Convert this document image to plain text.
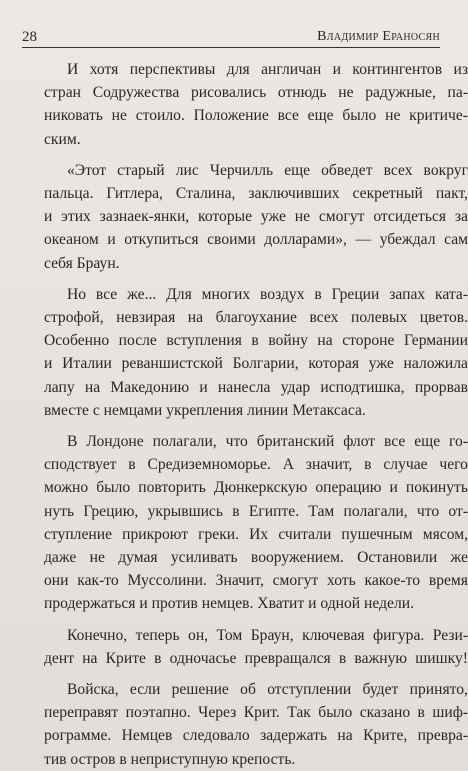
28	Владимир Ераносян

И хотя перспективы для англичан и контингентов из
стран Содружества рисовались отнюдь не радужные, па-
никовать не стоило. Положение все еще было не критиче-
ским.

«Этот старый лис Черчилль еще обведет всех вокруг
пальца. Гитлера, Сталина, заключивших секретный пакт,
и этих зазнаек-янки, которые уже не смогут отсидеться за
океаном и откупиться своими долларами», — убеждал сам
себя Браун.

Но все же... Для многих воздух в Греции запах ката-
строфой, невзирая на благоухание всех полевых цветов.
Особенно после вступления в войну на стороне Германии
и Италии реваншистской Болгарии, которая уже наложила
лапу на Македонию и нанесла удар исподтишка, прорвав
вместе с немцами укрепления линии Метаксаса.

В Лондоне полагали, что британский флот все еще го-
сподствует в Средиземноморье. А значит, в случае чего
можно было повторить Дюнкеркскую операцию и покинуть
нуть Грецию, укрывшись в Египте. Там полагали, что от-
ступление прикроют греки. Их считали пушечным мясом,
даже не думая усиливать вооружением. Остановили же
они как-то Муссолини. Значит, смогут хоть какое-то время
продержаться и против немцев. Хватит и одной недели.

Конечно, теперь он, Том Браун, ключевая фигура. Рези-
дент на Крите в одночасье превращался в важную шишку!

Войска, если решение об отступлении будет принято,
переправят поэтапно. Через Крит. Так было сказано в шиф-
рограмме. Немцев следовало задержать на Крите, превра-
тив остров в неприступную крепость.
